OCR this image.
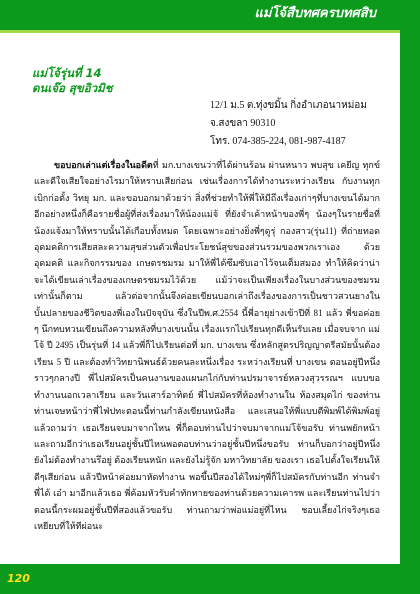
แม่โจ้สืบทศครบทศสิบ
แม่โจ้รุ่นที่ 14
ดนเจ๊อ สุขอิวมิช
12/1 ม.5 ต.ทุ่งขมิ้น กิ่งอำเภอนาหม่อม
จ.สงขลา 90310
โทร. 074-385-224, 081-987-4187

ขอบอกเล่าแต่เรื่องในอดีตที่ มก.บางเขนว่าที่ได้ผ่านร้อน ผ่านหนาว พบสุข เคยีญ ทุกข์ และดีใจเสียใจอย่างไรมาให้หราบเสียก่อน เช่นเรื่องการได้ทำงานระหว่างเรียน กับงานทุกเบิกก่อตั้ง วิทยุ มก. และขอบอกมาด้วยว่า สิ่งที่ช่วยทำให้พี่ให้มีถึงเรื่องเก่าๆที่บางเขนได้มากอีกอย่างหนึ่งก็คือรายชื่อผู้ที่ส่งเรื่องมาให้น้องแม่จ้ ที่ยังจำเค้าหน้าของพี่ๆ น้องๆในรายชื่อที่น้องแจ้งมาให้ทราบนั้นได้เกือบทั้งหมด โดยเฉพาะอย่างยิ่งพี่ๆดูรุ่ กองสาว(รุ่น11) ที่ถ่ายทอดอุดมคติการเสียสละความสุขส่วนตัวเพื่อประโยชน์สุขของส่วนรวมของพวกเราเอง ด้วยอุดมคติ และกิจกรรมของ เกษตรชมรม มาให้พี่ได้ซึมซับเอาไว้จนเต็มสมอง ทำให้คิดว่าน่าจะได้เขียนเล่าเรื่องของเกษตรชมรมไว้ด้วย แม้ว่าจะเป็นเพียงเรื่องในบางส่วนของชมรมเท่านั้นก็ตาม แล้วต่อจากนั้นจึงค่อยเขียนบอกเล่าถึงเรื่องของการเป็นชาวสวนยางในบั้นปลายของชีวิตของพี่เองในปัจจุบัน ซึ่งในปีพ.ศ.2554 นี้พี่อายุย่างเข้าปีที่ 81 แล้ว พี่ขอค่อย ๆ นึกทบทวนเขียนถึงความหลังที่บางเขนนั้น เรื่องแรกไปเรียนทุกดีเห็นรับเลย เมื่อจบจาก แม่โจ้ ปี 2495 เป็นรุ่นที่ 14 แล้วพี่ก็ไปเรียนต่อที่ มก. บางเขน ซึ่งหลักสูตรปริญญาตรีสมัยนั้นต้องเรียน 5 ปี และต้องทำวิทยานิพนธ์ด้วยคนละหนึ่งเรื่อง ระหว่างเรียนที่ บางเขน ตอนอยู่ปีหนึ่งราวๆกลางปี พี่ไปสมัครเป็นคนงานของแผนกไก่กับท่านปรมาจารย์หลวงสุวรรณฯ แบบขอทำงานนอกเวลาเรียน และวันเสาร์อาทิตย์ พี่ไปสมัครที่ห้องทำงานใน ห้องสมุดไก่ ของท่าน ท่านเจษหน้าว่าพี่ไฟ่ปทะตอนนี้ท่านกำลังเขียนหนังสือ และเสนอให้พี่แบบตีพิมพ์ได้พิมพ์อยู่ แล้วถามว่า เธอเรียนจบมาจากไหน พี่ก็ตอบท่านไปว่าจบมาจากแม่โจ้ขอรับ ท่านพยักหน้า และถามอีกว่าเธอเรียนอยู่ชั้นปีไหนพอตอบท่านว่าอยู่ชั้นปีหนึ่งขอรับ ท่านก็บอกว่าอยู่ปีหนึ่งยังไม่ต้องทำงานรึอยู่ ต้องเรียนหนัก และยังไม่รู้จัก มหาวิทยาลัย ของเรา เธอไปตั้งใจเรียนให้ดีๆเสียก่อน แล้วปีหน้าค่อยมาหัดทำงาน พอขึ้นปีสองได้ใหม่ๆพี่ก็ไปสมัครกับท่านอีก ท่านจำพี่ได้ เอ๋า มาอีกแล้วเธอ พี่ค้อมหัวรับคำทักทายของท่านด้วยความเคารพ และเรียนท่านไปว่าตอนนี้กระผมอยู่ชั้นปีที่สองแล้วขอรับ ท่านถามว่าพ่อแม่อยู่ที่ไหน ชอบเลี้ยงไก่จริงๆเธอ เหยียบที่ให้ทีผ่อนะ

120
